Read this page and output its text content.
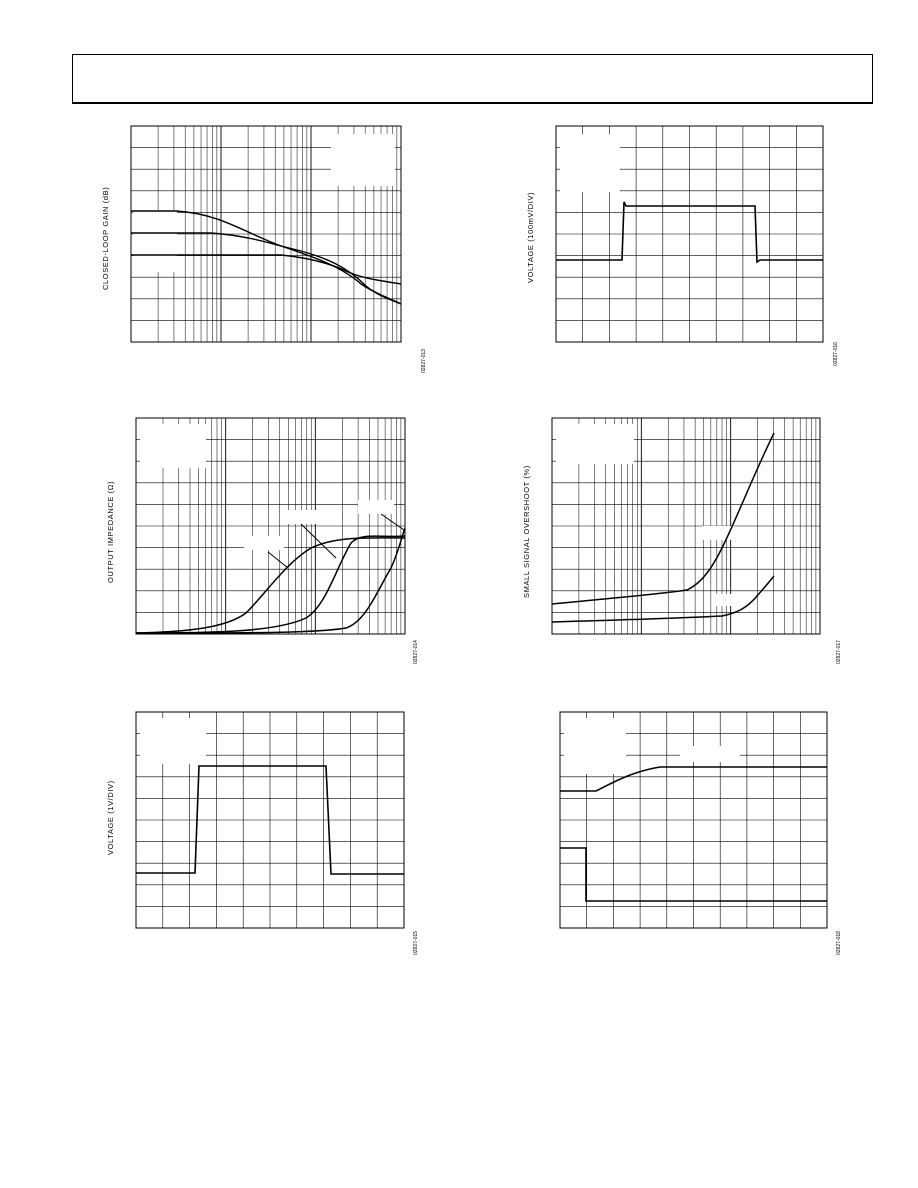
CLOSED-LOOP GAIN (dB)
02827-013
VOLTAGE (100mV/DIV)
02827-016
OUTPUT IMPEDANCE (Ω)
02827-014
SMALL SIGNAL OVERSHOOT (%)
02827-017
VOLTAGE (1V/DIV)
02827-015	02827-018
